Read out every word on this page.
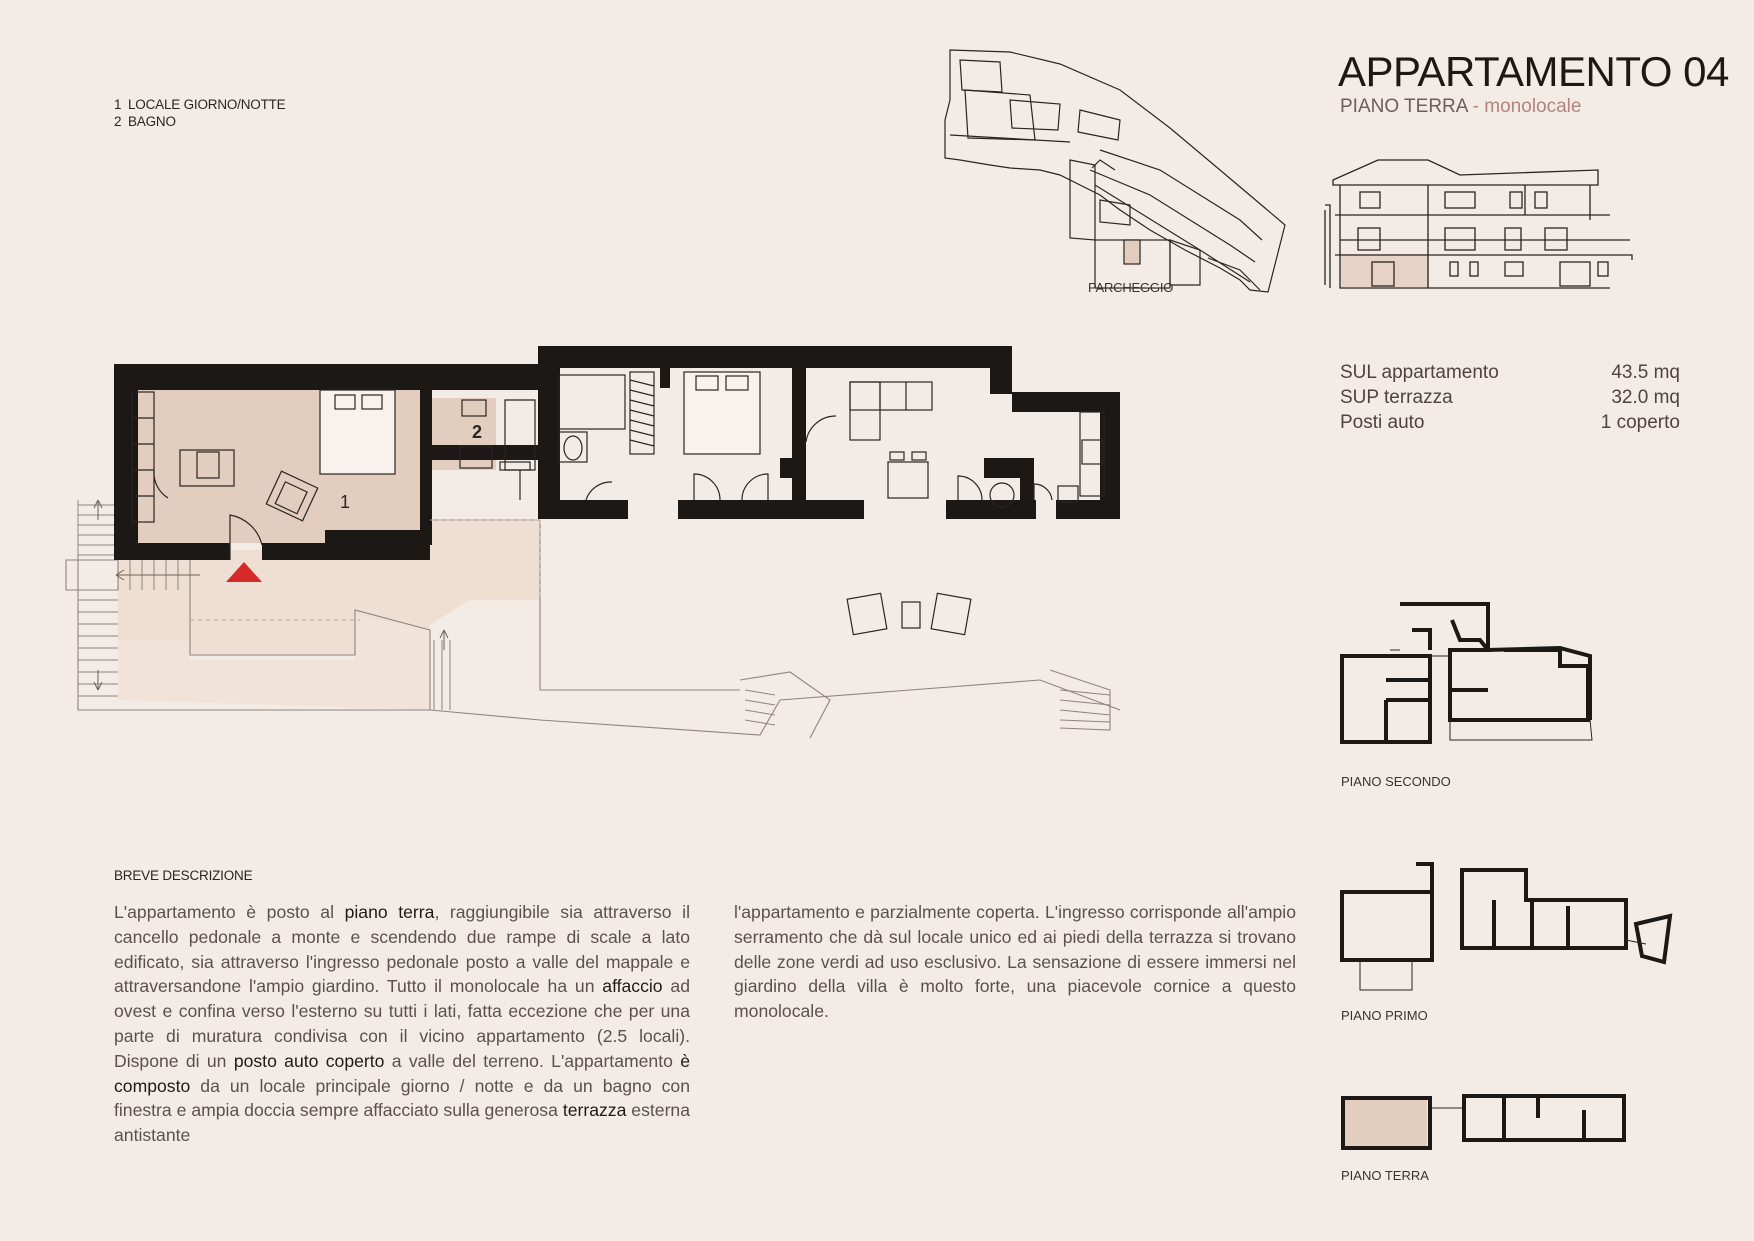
1 LOCALE GIORNO/NOTTE
2 BAGNO
APPARTAMENTO 04
PIANO TERRA - monolocale
SUL appartamento	43.5 mq
SUP terrazza	32.0 mq
Posti auto	1 coperto
PARCHEGGIO
1
2
PIANO SECONDO
PIANO PRIMO
PIANO TERRA
BREVE DESCRIZIONE
L'appartamento è posto al piano terra, raggiungibile sia attraverso il cancello pedonale a monte e scendendo due rampe di scale a lato edificato, sia attraverso l'ingresso pedonale posto a valle del mappale e attraversandone l'ampio giardino. Tutto il monolocale ha un affaccio ad ovest e confina verso l'esterno su tutti i lati, fatta eccezione che per una parte di muratura condivisa con il vicino appartamento (2.5 locali). Dispone di un posto auto coperto a valle del terreno. L'appartamento è composto da un locale principale giorno / notte e da un bagno con finestra e ampia doccia sempre affacciato sulla generosa terrazza esterna antistante
l'appartamento e parzialmente coperta. L'ingresso corrisponde all'ampio serramento che dà sul locale unico ed ai piedi della terrazza si trovano delle zone verdi ad uso esclusivo. La sensazione di essere immersi nel giardino della villa è molto forte, una piacevole cornice a questo monolocale.
